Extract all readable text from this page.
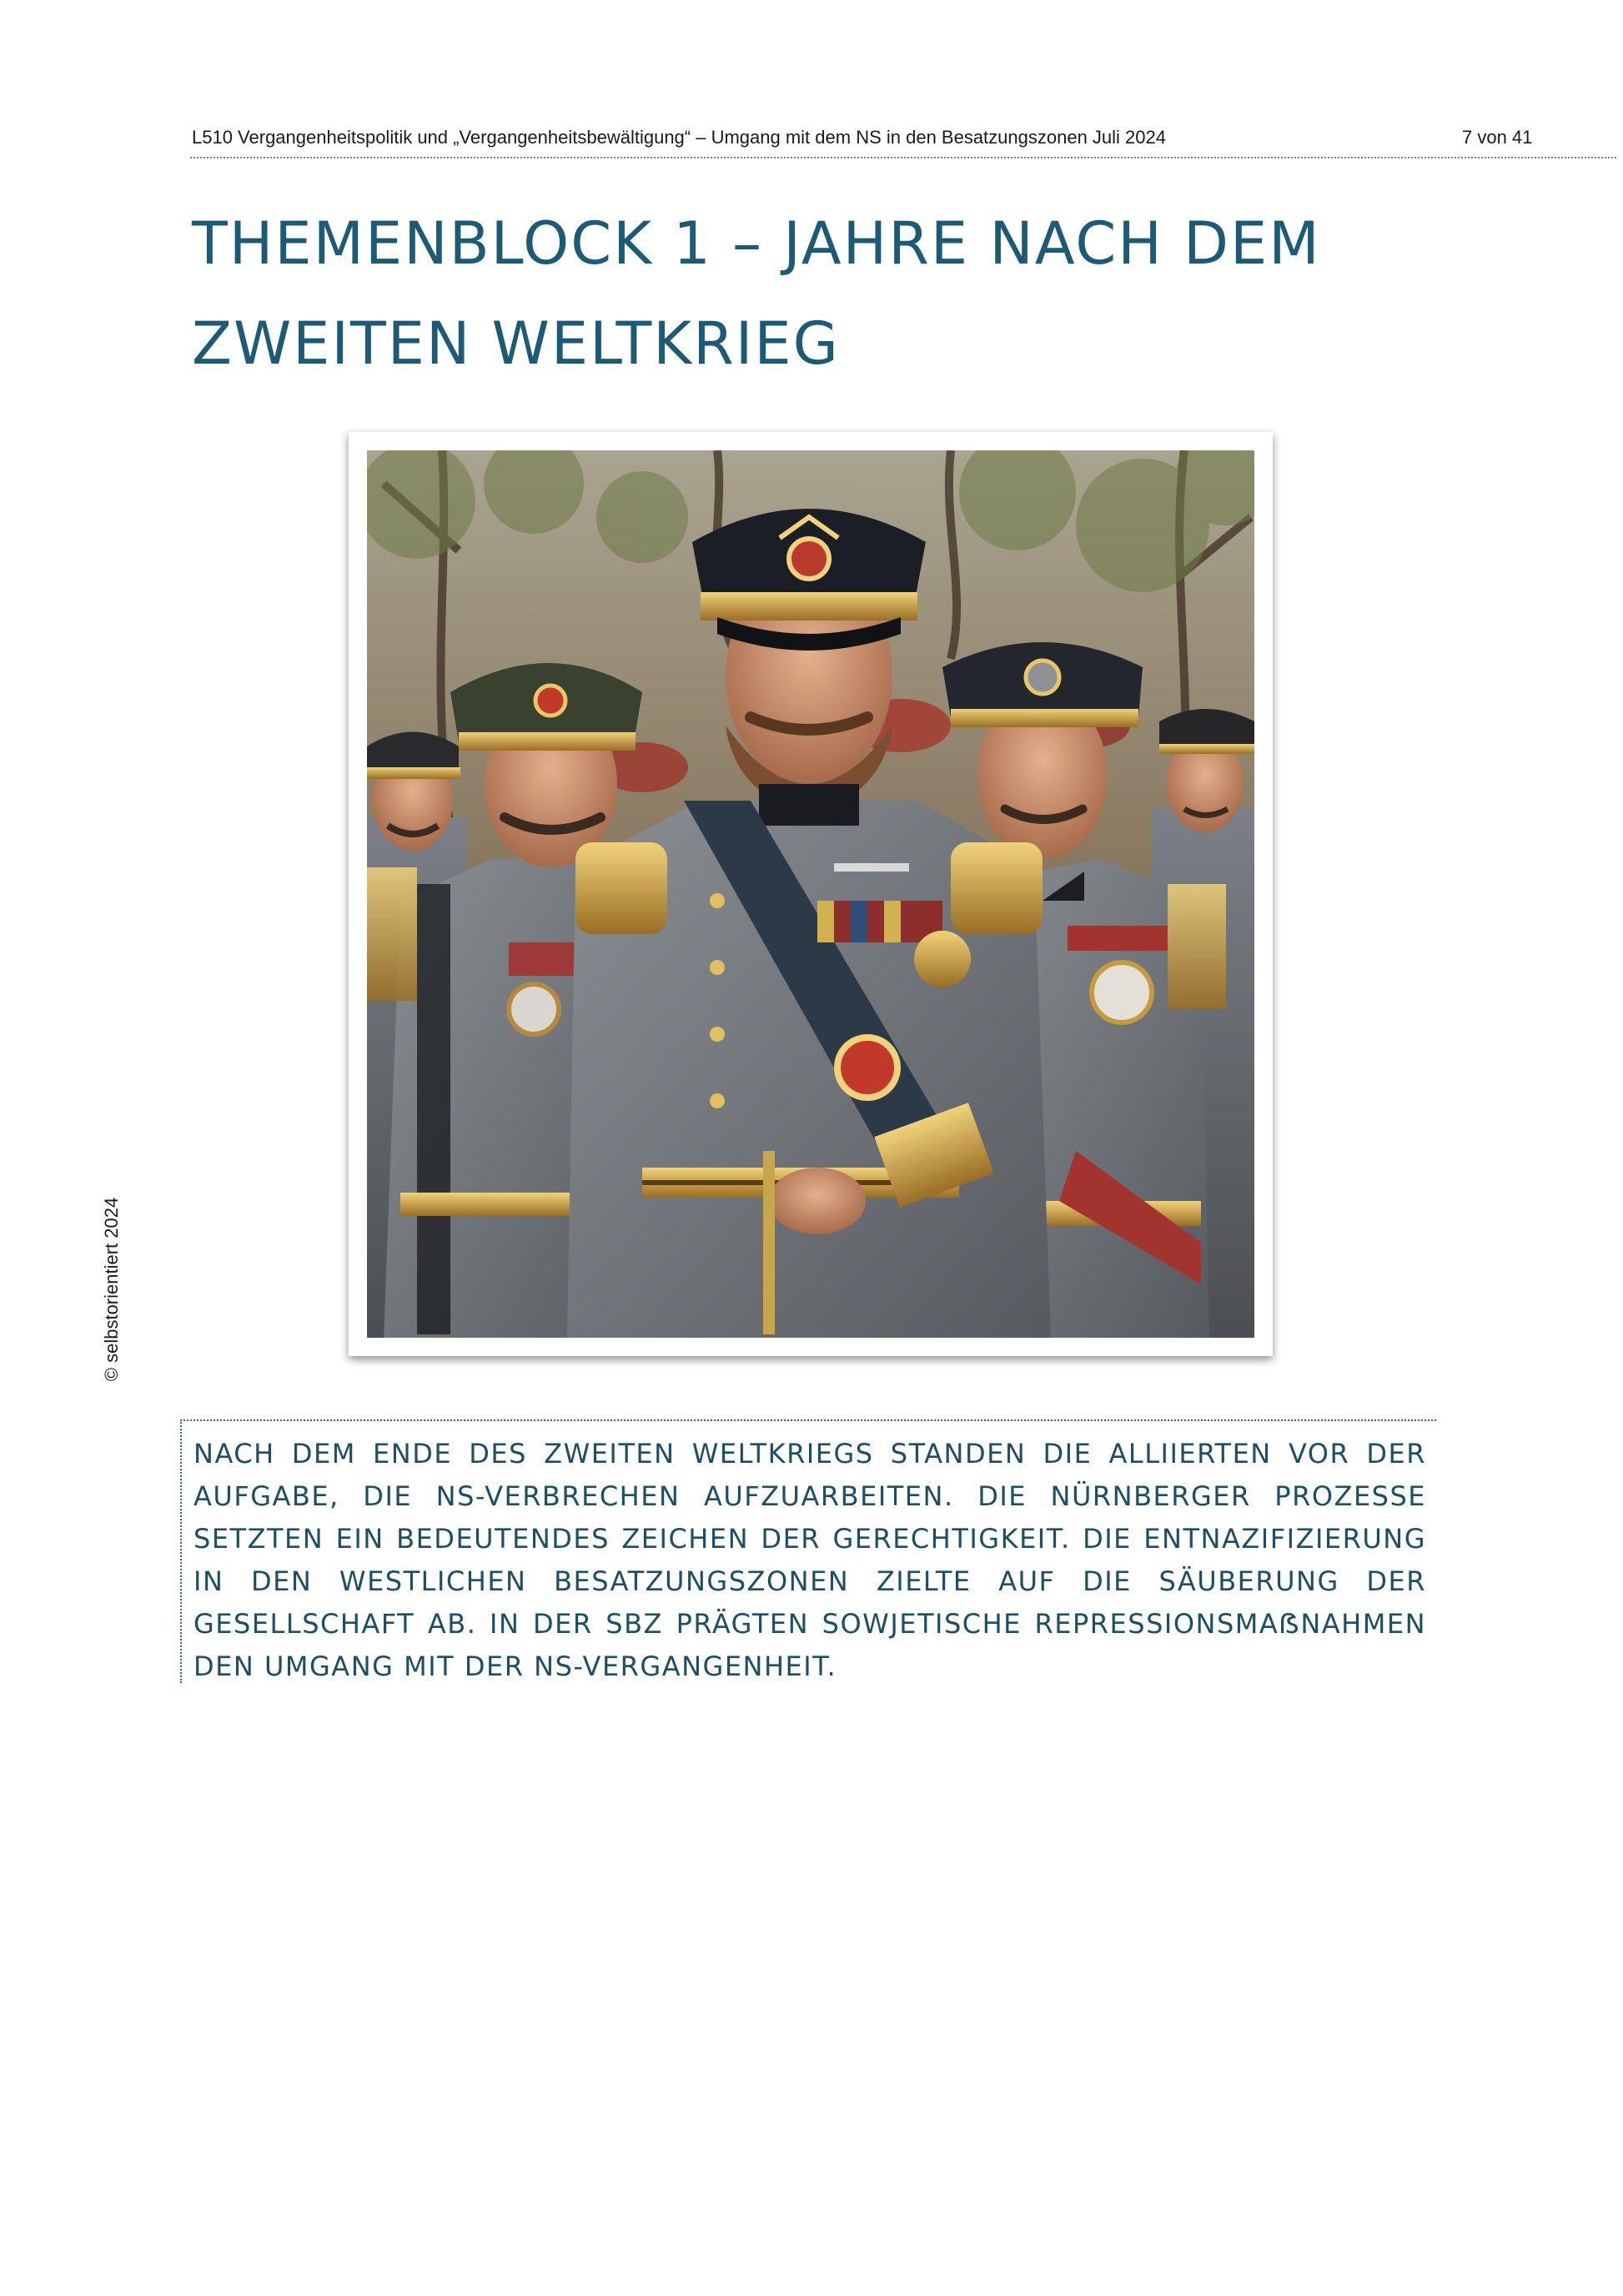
L510 Vergangenheitspolitik und „Vergangenheitsbewältigung“ – Umgang mit dem NS in den Besatzungszonen Juli 2024	7 von 41
THEMENBLOCK 1 – JAHRE NACH DEM
ZWEITEN WELTKRIEG
© selbstorientiert 2024

NACH DEM ENDE DES ZWEITEN WELTKRIEGS STANDEN DIE ALLIIERTEN VOR DER AUFGABE, DIE NS-VERBRECHEN AUFZUARBEITEN. DIE NÜRNBERGER PROZESSE SETZTEN EIN BEDEUTENDES ZEICHEN DER GERECHTIGKEIT. DIE ENTNAZIFIZIERUNG IN DEN WESTLICHEN BESATZUNGSZONEN ZIELTE AUF DIE SÄUBERUNG DER GESELLSCHAFT AB. IN DER SBZ PRÄGTEN SOWJETISCHE REPRESSIONSMAẞNAHMEN DEN UMGANG MIT DER NS-VERGANGENHEIT.
